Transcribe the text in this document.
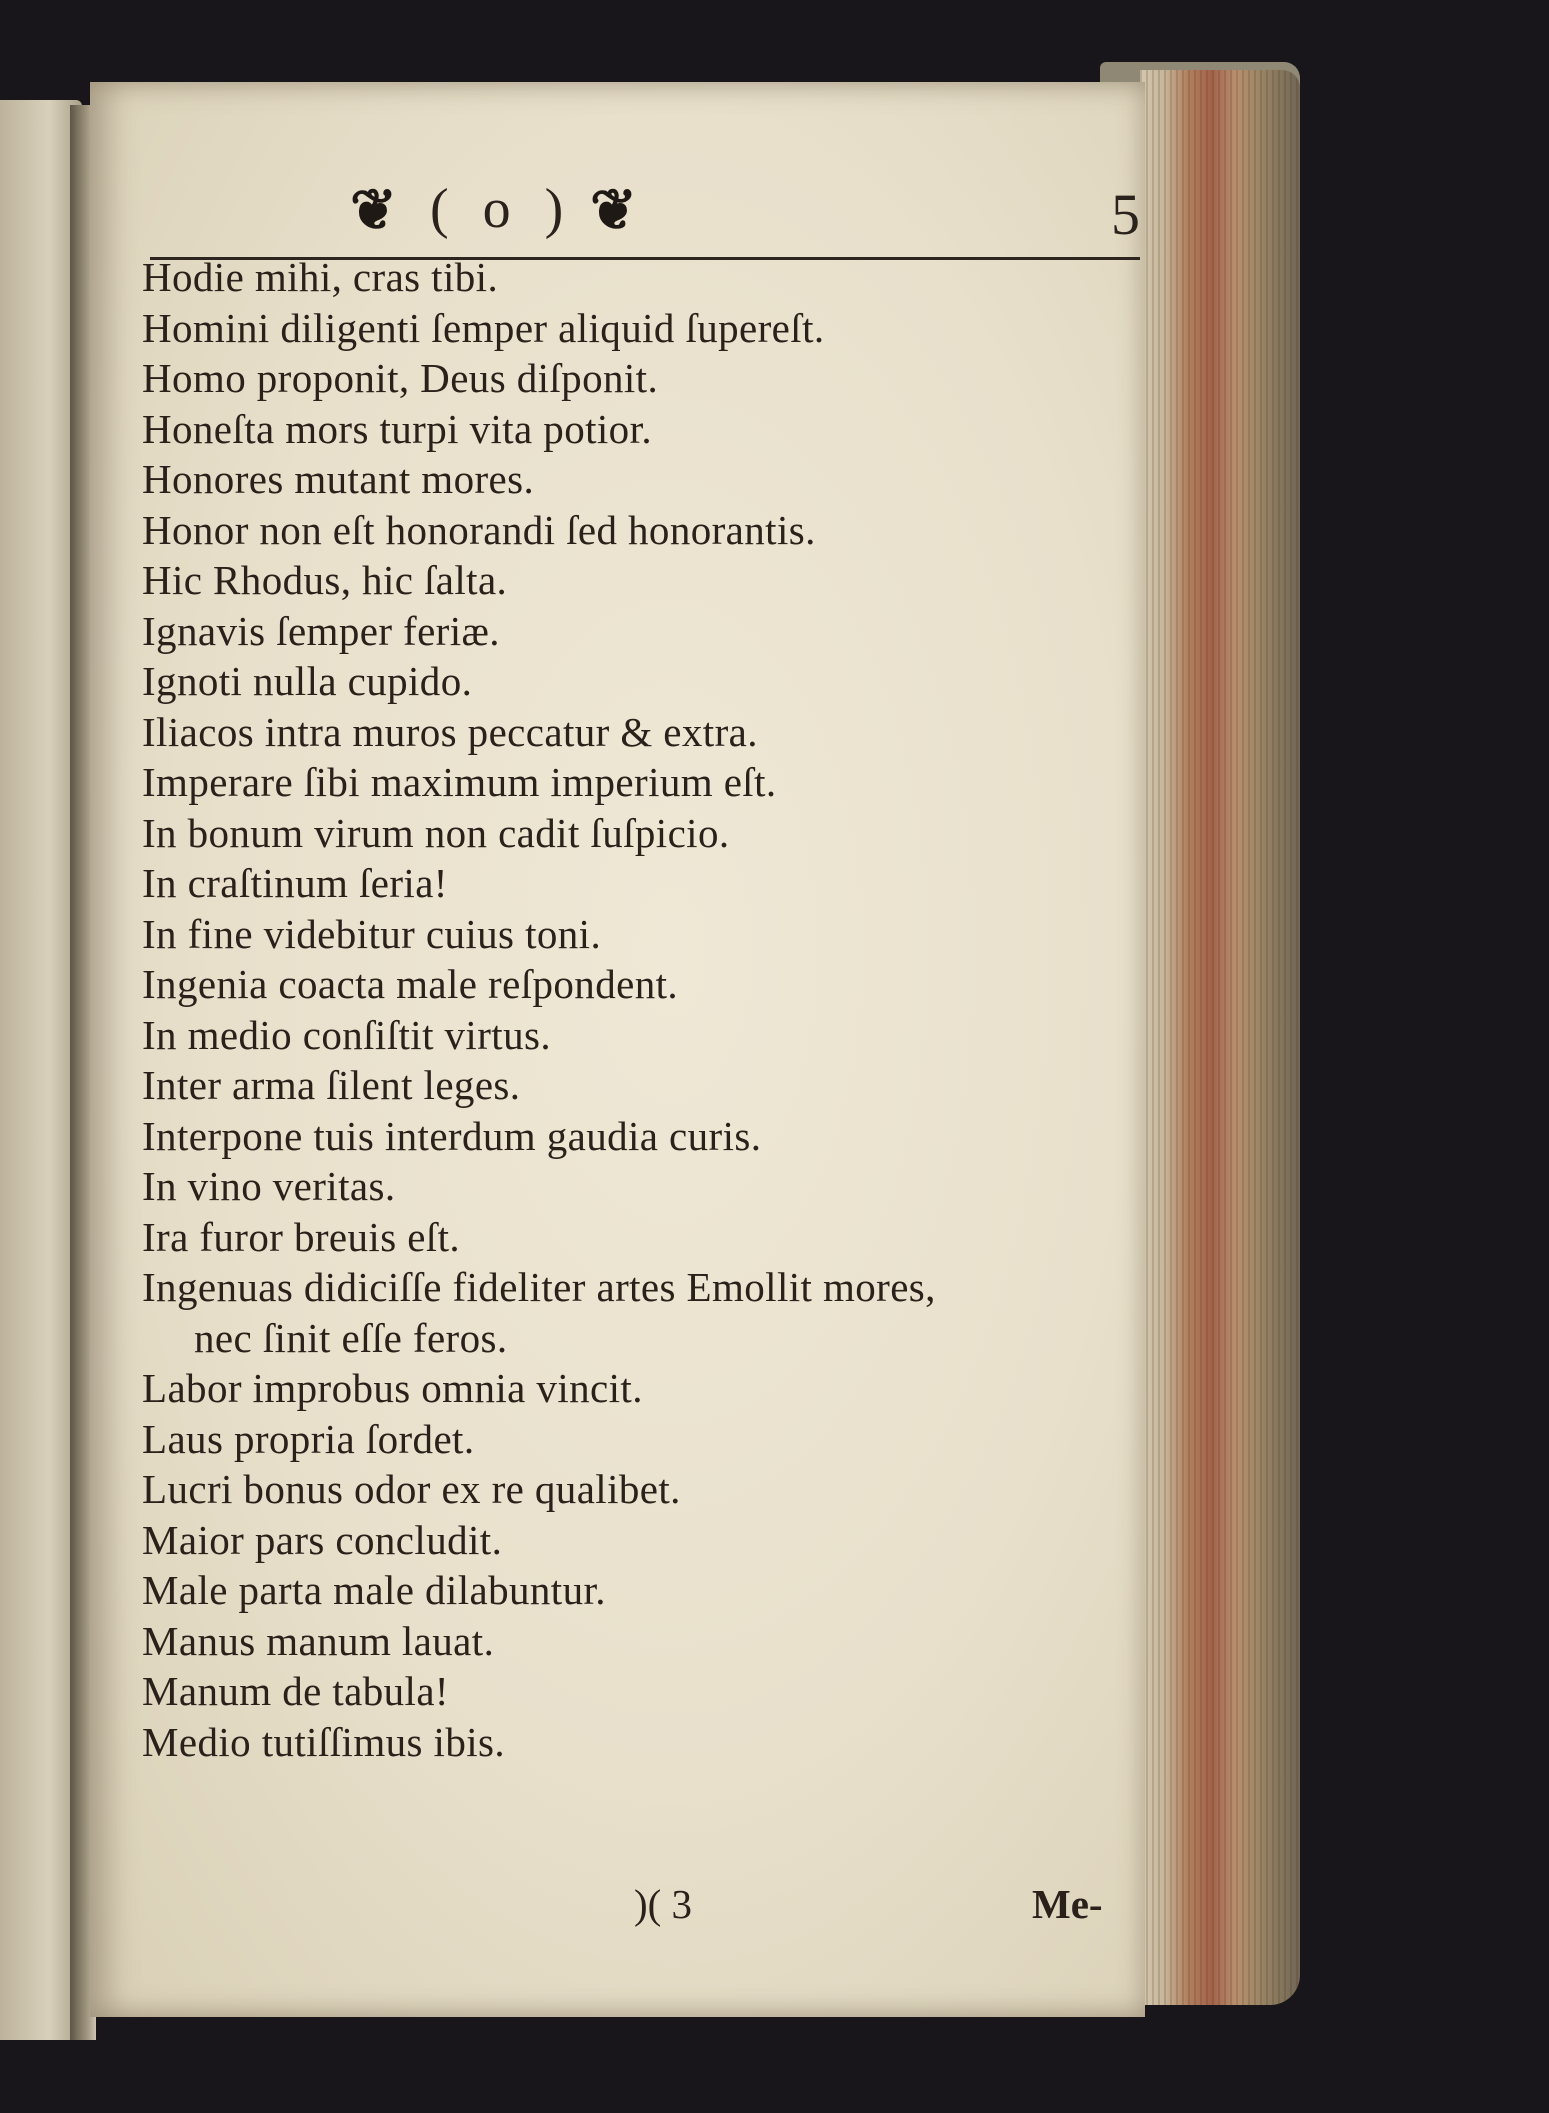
❦ ( o ) ❦	5
Hodie mihi, cras tibi.
Homini diligenti ſemper aliquid ſupereſt.
Homo proponit, Deus diſponit.
Honeſta mors turpi vita potior.
Honores mutant mores.
Honor non eſt honorandi ſed honorantis.
Hic Rhodus, hic ſalta.
Ignavis ſemper feriæ.
Ignoti nulla cupido.
Iliacos intra muros peccatur & extra.
Imperare ſibi maximum imperium eſt.
In bonum virum non cadit ſuſpicio.
In craſtinum ſeria!
In fine videbitur cuius toni.
Ingenia coacta male reſpondent.
In medio conſiſtit virtus.
Inter arma ſilent leges.
Interpone tuis interdum gaudia curis.
In vino veritas.
Ira furor breuis eſt.
Ingenuas didiciſſe fideliter artes Emollit mores,
nec ſinit eſſe feros.
Labor improbus omnia vincit.
Laus propria ſordet.
Lucri bonus odor ex re qualibet.
Maior pars concludit.
Male parta male dilabuntur.
Manus manum lauat.
Manum de tabula!
Medio tutiſſimus ibis.
)( 3	Me-
